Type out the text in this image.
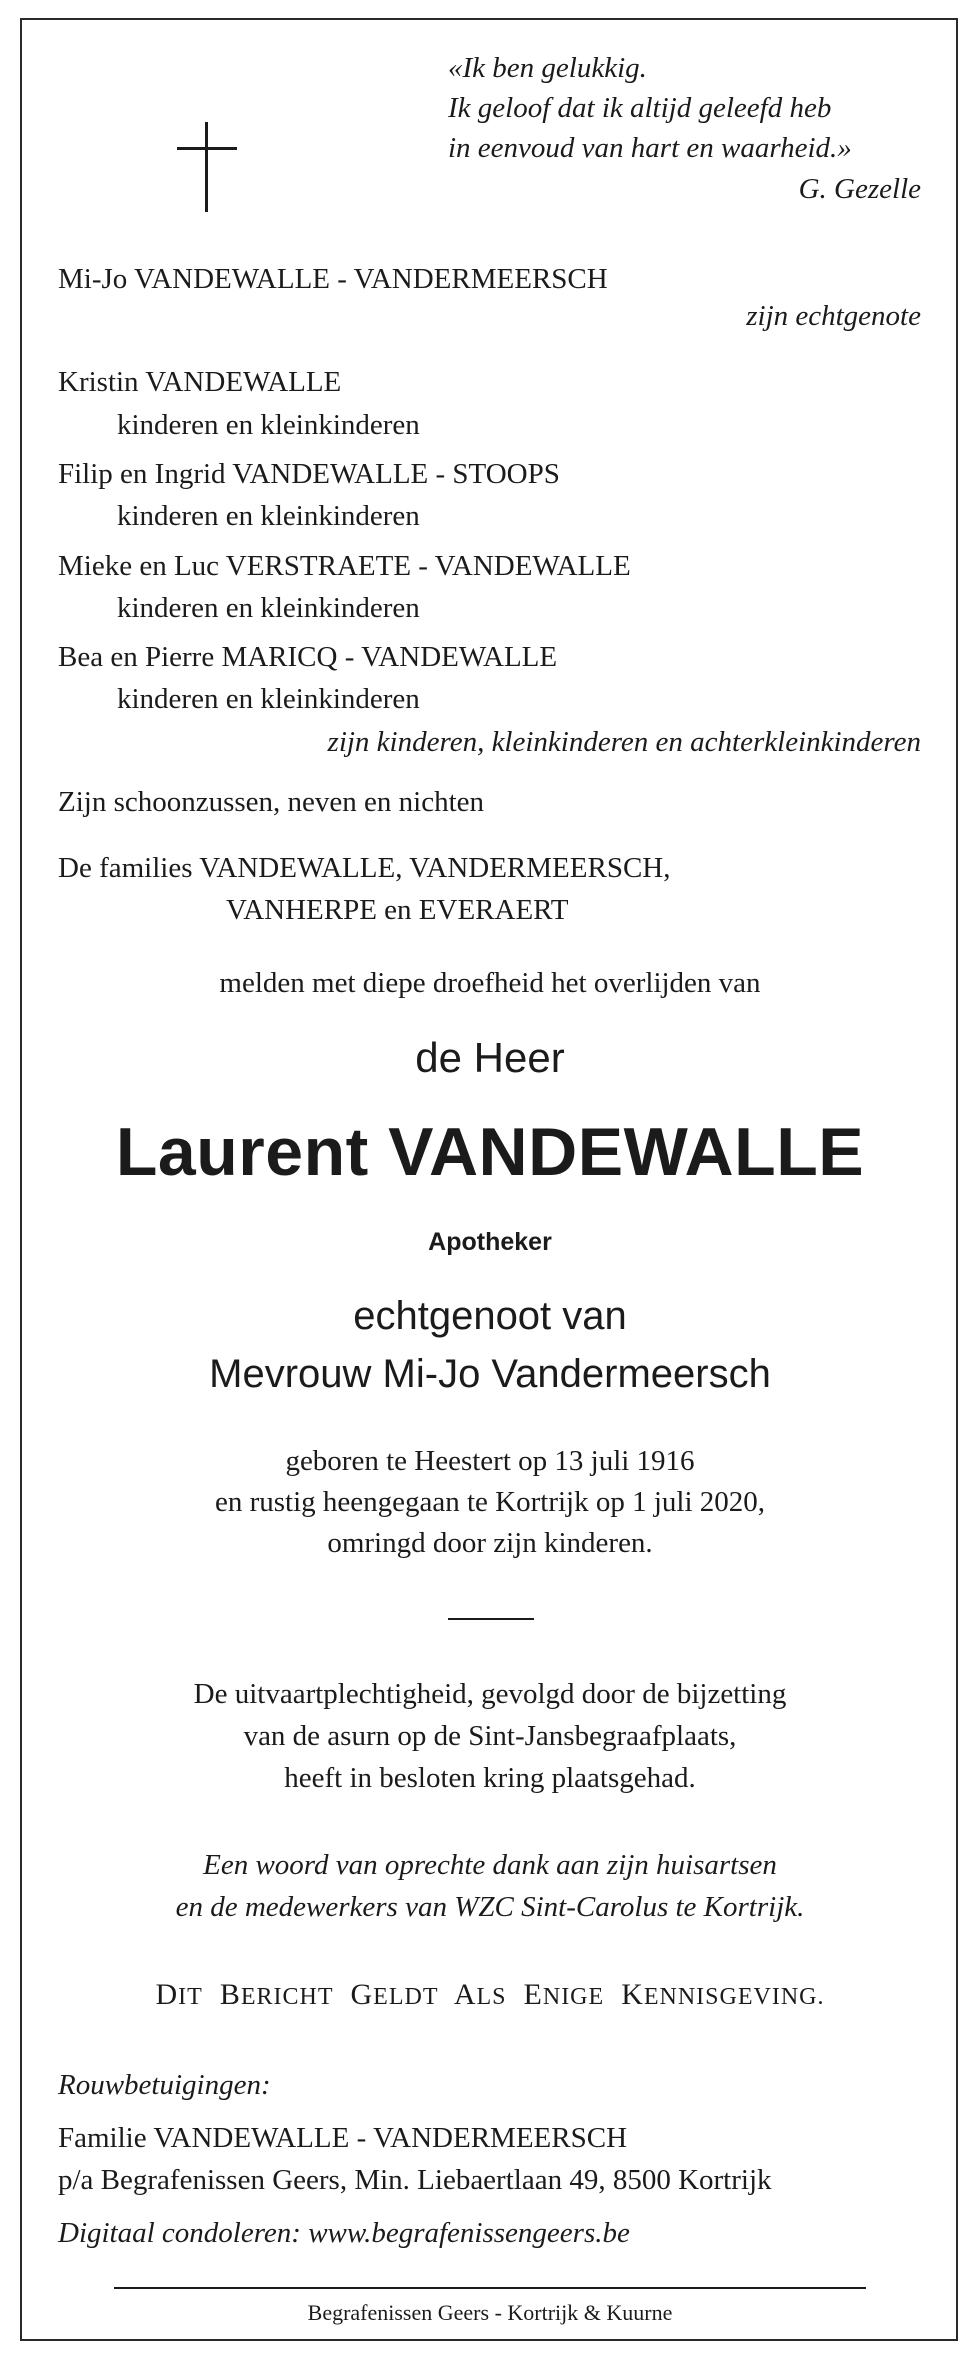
«Ik ben gelukkig.
Ik geloof dat ik altijd geleefd heb
in eenvoud van hart en waarheid.»
G. Gezelle
Mi-Jo VANDEWALLE - VANDERMEERSCH
zijn echtgenote
Kristin VANDEWALLE
kinderen en kleinkinderen
Filip en Ingrid VANDEWALLE - STOOPS
kinderen en kleinkinderen
Mieke en Luc VERSTRAETE - VANDEWALLE
kinderen en kleinkinderen
Bea en Pierre MARICQ - VANDEWALLE
kinderen en kleinkinderen
zijn kinderen, kleinkinderen en achterkleinkinderen
Zijn schoonzussen, neven en nichten
De families VANDEWALLE, VANDERMEERSCH,
VANHERPE en EVERAERT
melden met diepe droefheid het overlijden van
de Heer
Laurent VANDEWALLE
Apotheker
echtgenoot van
Mevrouw Mi-Jo Vandermeersch
geboren te Heestert op 13 juli 1916
en rustig heengegaan te Kortrijk op 1 juli 2020,
omringd door zijn kinderen.
De uitvaartplechtigheid, gevolgd door de bijzetting
van de asurn op de Sint-Jansbegraafplaats,
heeft in besloten kring plaatsgehad.
Een woord van oprechte dank aan zijn huisartsen
en de medewerkers van WZC Sint-Carolus te Kortrijk.
DIT BERICHT GELDT ALS ENIGE KENNISGEVING.
Rouwbetuigingen:
Familie VANDEWALLE - VANDERMEERSCH
p/a Begrafenissen Geers, Min. Liebaertlaan 49, 8500 Kortrijk
Digitaal condoleren: www.begrafenissengeers.be
Begrafenissen Geers - Kortrijk & Kuurne
